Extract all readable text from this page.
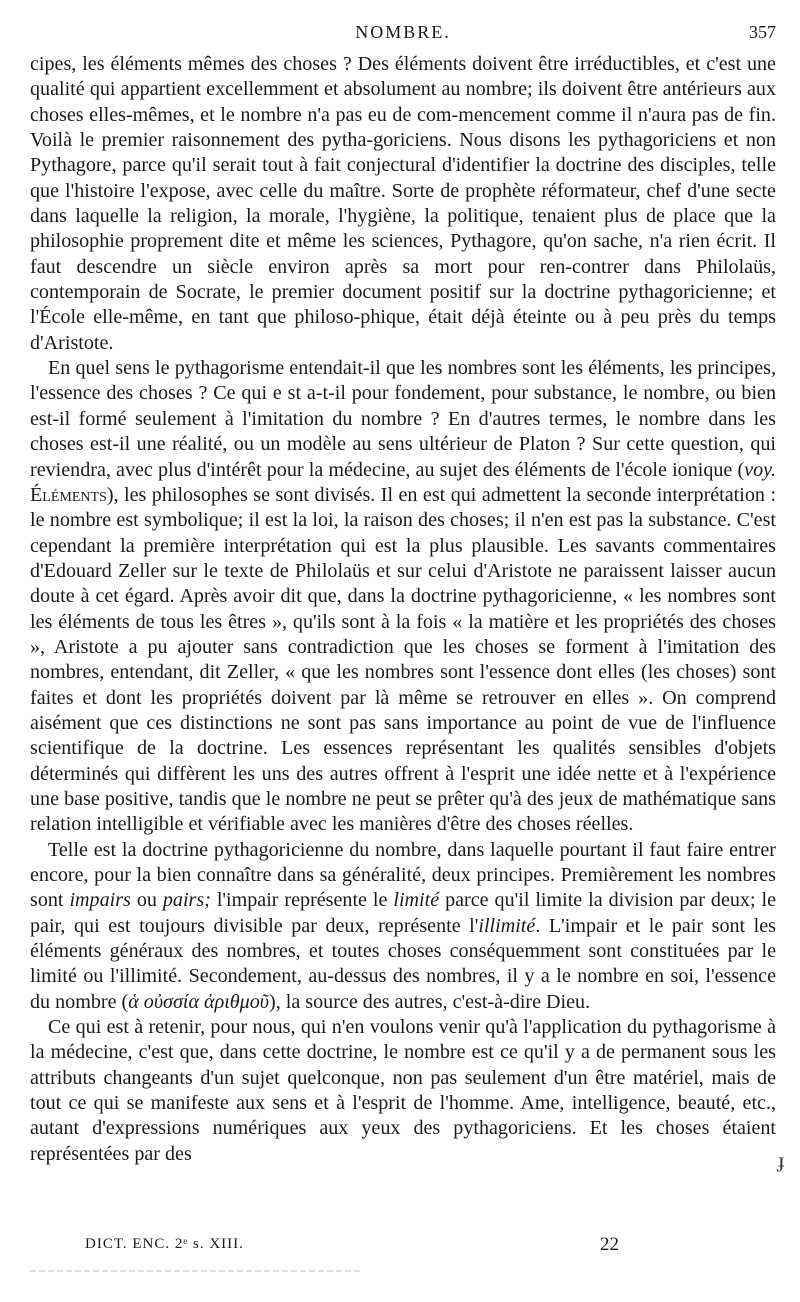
NOMBRE.	357

cipes, les éléments mêmes des choses ? Des éléments doivent être irréductibles, et c'est une qualité qui appartient excellemment et absolument au nombre; ils doivent être antérieurs aux choses elles-mêmes, et le nombre n'a pas eu de com-mencement comme il n'aura pas de fin. Voilà le premier raisonnement des pytha-goriciens. Nous disons les pythagoriciens et non Pythagore, parce qu'il serait tout à fait conjectural d'identifier la doctrine des disciples, telle que l'histoire l'expose, avec celle du maître. Sorte de prophète réformateur, chef d'une secte dans laquelle la religion, la morale, l'hygiène, la politique, tenaient plus de place que la philosophie proprement dite et même les sciences, Pythagore, qu'on sache, n'a rien écrit. Il faut descendre un siècle environ après sa mort pour ren-contrer dans Philolaüs, contemporain de Socrate, le premier document positif sur la doctrine pythagoricienne; et l'École elle-même, en tant que philoso-phique, était déjà éteinte ou à peu près du temps d'Aristote.

En quel sens le pythagorisme entendait-il que les nombres sont les éléments, les principes, l'essence des choses ? Ce qui e st a-t-il pour fondement, pour substance, le nombre, ou bien est-il formé seulement à l'imitation du nombre ? En d'autres termes, le nombre dans les choses est-il une réalité, ou un modèle au sens ultérieur de Platon ? Sur cette question, qui reviendra, avec plus d'intérêt pour la médecine, au sujet des éléments de l'école ionique (voy. Éléments), les philosophes se sont divisés. Il en est qui admettent la seconde interprétation : le nombre est symbolique; il est la loi, la raison des choses; il n'en est pas la substance. C'est cependant la première interprétation qui est la plus plausible. Les savants commentaires d'Edouard Zeller sur le texte de Philolaüs et sur celui d'Aristote ne paraissent laisser aucun doute à cet égard. Après avoir dit que, dans la doctrine pythagoricienne, « les nombres sont les éléments de tous les êtres », qu'ils sont à la fois « la matière et les propriétés des choses », Aristote a pu ajouter sans contradiction que les choses se forment à l'imitation des nombres, entendant, dit Zeller, « que les nombres sont l'essence dont elles (les choses) sont faites et dont les propriétés doivent par là même se retrouver en elles ». On comprend aisément que ces distinctions ne sont pas sans importance au point de vue de l'influence scientifique de la doctrine. Les essences représentant les qualités sensibles d'objets déterminés qui diffèrent les uns des autres offrent à l'esprit une idée nette et à l'expérience une base positive, tandis que le nombre ne peut se prêter qu'à des jeux de mathématique sans relation intelligible et vérifiable avec les manières d'être des choses réelles.

Telle est la doctrine pythagoricienne du nombre, dans laquelle pourtant il faut faire entrer encore, pour la bien connaître dans sa généralité, deux principes. Premièrement les nombres sont impairs ou pairs; l'impair représente le limité parce qu'il limite la division par deux; le pair, qui est toujours divisible par deux, représente l'illimité. L'impair et le pair sont les éléments généraux des nombres, et toutes choses conséquemment sont constituées par le limité ou l'illimité. Secondement, au-dessus des nombres, il y a le nombre en soi, l'essence du nombre (ἁ οὐσσία ἀριθμοῦ), la source des autres, c'est-à-dire Dieu.

Ce qui est à retenir, pour nous, qui n'en voulons venir qu'à l'application du pythagorisme à la médecine, c'est que, dans cette doctrine, le nombre est ce qu'il y a de permanent sous les attributs changeants d'un sujet quelconque, non pas seulement d'un être matériel, mais de tout ce qui se manifeste aux sens et à l'esprit de l'homme. Ame, intelligence, beauté, etc., autant d'expressions numériques aux yeux des pythagoriciens. Et les choses étaient représentées par des

DICT. ENC. 2ᵉ s. XIII.	22
ɟ
